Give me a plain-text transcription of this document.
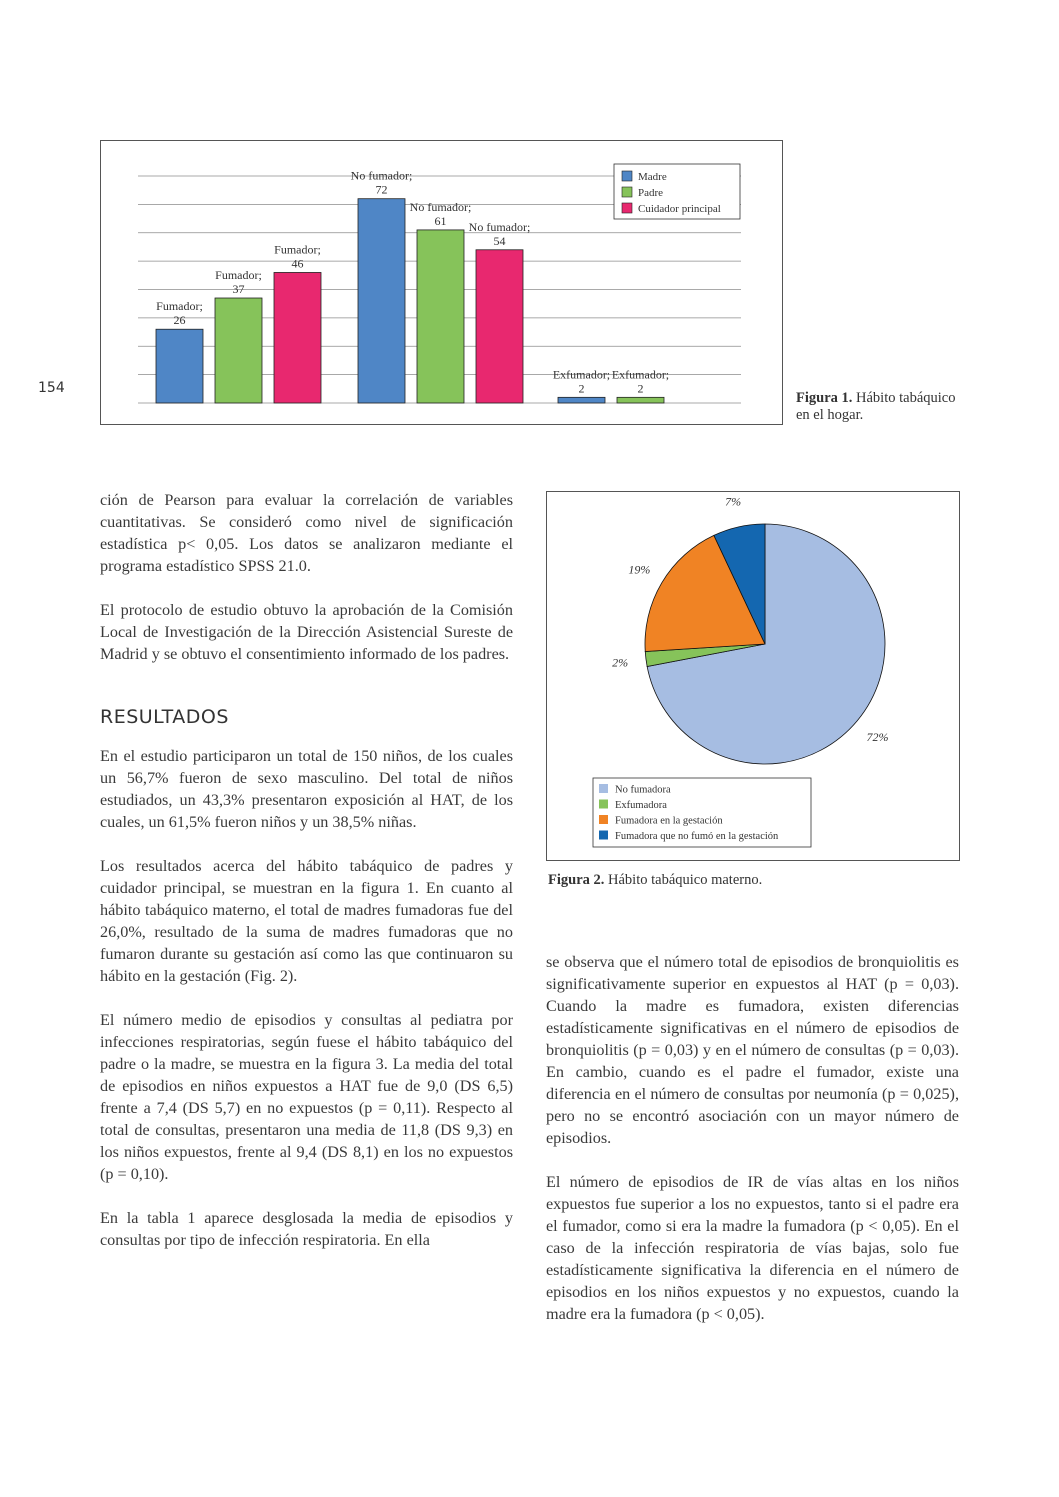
154
Fumador;
26
Fumador;
37
Fumador;
46
No fumador;
72
No fumador;
61 No fumador;
54
Exfumador;
2
Exfumador;
2
Madre
Padre
Cuidador principal
Figura 1. Hábito tabáquico en el hogar.
72%
2%
19%
7%
No fumadora
Exfumadora
Fumadora en la gestación
Fumadora que no fumó en la gestación
Figura 2. Hábito tabáquico materno.

ción de Pearson para evaluar la correlación de variables cuantitativas. Se consideró como nivel de significación estadística p< 0,05. Los datos se analizaron mediante el programa estadístico SPSS 21.0.

El protocolo de estudio obtuvo la aprobación de la Comisión Local de Investigación de la Dirección Asistencial Sureste de Madrid y se obtuvo el consentimiento informado de los padres.

RESULTADOS

En el estudio participaron un total de 150 niños, de los cuales un 56,7% fueron de sexo masculino. Del total de niños estudiados, un 43,3% presentaron exposición al HAT, de los cuales, un 61,5% fueron niños y un 38,5% niñas.

Los resultados acerca del hábito tabáquico de padres y cuidador principal, se muestran en la figura 1. En cuanto al hábito tabáquico materno, el total de madres fumadoras fue del 26,0%, resultado de la suma de madres fumadoras que no fumaron durante su gestación así como las que continuaron su hábito en la gestación (Fig. 2).

El número medio de episodios y consultas al pediatra por infecciones respiratorias, según fuese el hábito tabáquico del padre o la madre, se muestra en la figura 3. La media del total de episodios en niños expuestos a HAT fue de 9,0 (DS 6,5) frente a 7,4 (DS 5,7) en no expuestos (p = 0,11). Respecto al total de consultas, presentaron una media de 11,8 (DS 9,3) en los niños expuestos, frente al 9,4 (DS 8,1) en los no expuestos (p = 0,10).

En la tabla 1 aparece desglosada la media de episodios y consultas por tipo de infección respiratoria. En ella

se observa que el número total de episodios de bronquiolitis es significativamente superior en expuestos al HAT (p = 0,03). Cuando la madre es fumadora, existen diferencias estadísticamente significativas en el número de episodios de bronquiolitis (p = 0,03) y en el número de consultas (p = 0,03). En cambio, cuando es el padre el fumador, existe una diferencia en el número de consultas por neumonía (p = 0,025), pero no se encontró asociación con un mayor número de episodios.

El número de episodios de IR de vías altas en los niños expuestos fue superior a los no expuestos, tanto si el padre era el fumador, como si era la madre la fumadora (p < 0,05). En el caso de la infección respiratoria de vías bajas, solo fue estadísticamente significativa la diferencia en el número de episodios en los niños expuestos y no expuestos, cuando la madre era la fumadora (p < 0,05).
